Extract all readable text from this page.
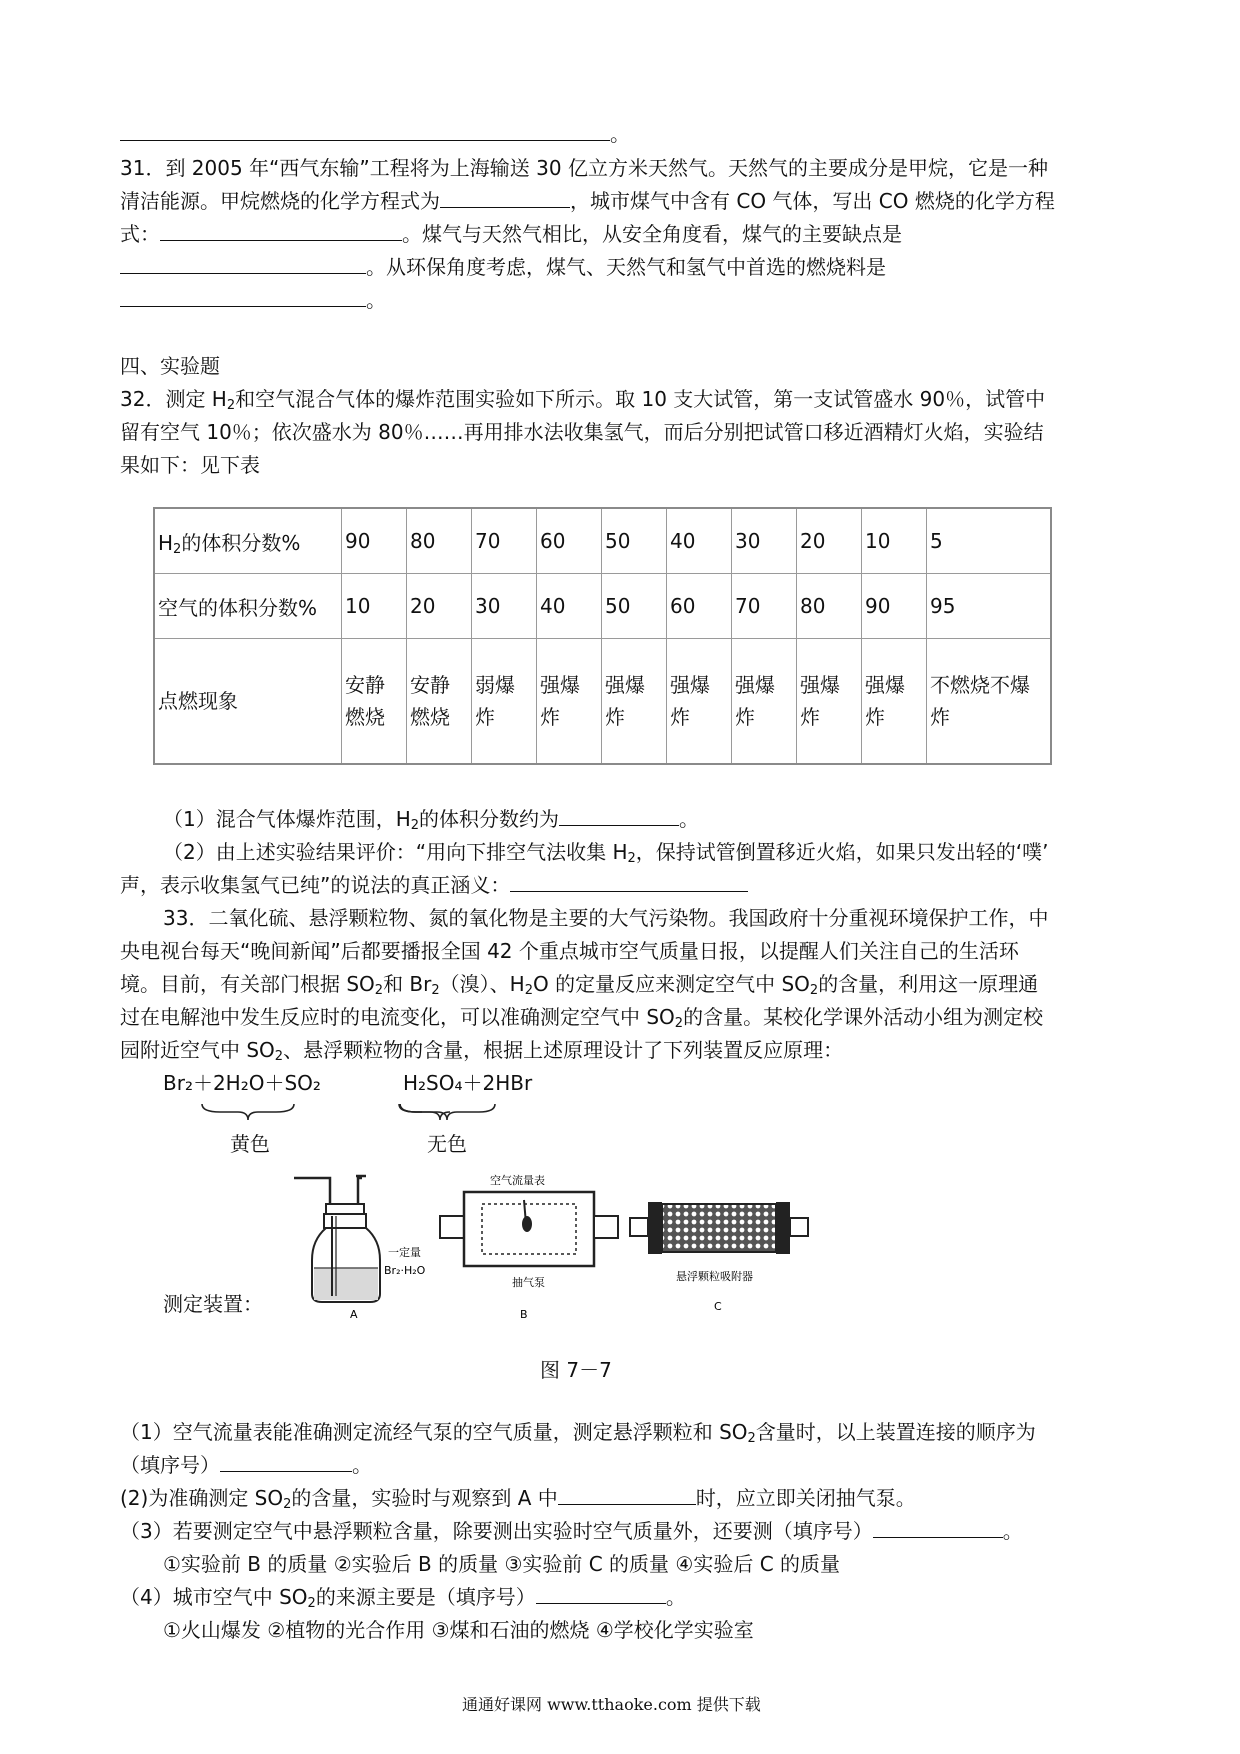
。
31．到 2005 年“西气东输”工程将为上海输送 30 亿立方米天然气。天然气的主要成分是甲烷，它是一种
清洁能源。甲烷燃烧的化学方程式为	，城市煤气中含有 CO 气体，写出 CO 燃烧的化学方程
式：	。煤气与天然气相比，从安全角度看，煤气的主要缺点是
。从环保角度考虑，煤气、天然气和氢气中首选的燃烧料是
。
四、实验题
32．测定 $H_2$和空气混合气体的爆炸范围实验如下所示。取 10 支大试管，第一支试管盛水 90％，试管中
留有空气 10％；依次盛水为 80％……再用排水法收集氢气，而后分别把试管口移近酒精灯火焰，实验结
果如下：见下表
$H_2$的体积分数%	90	80	70	60	50	40	30	20	10	5
空气的体积分数%	10	20	30	40	50	60	70	80	90	95
点燃现象	安静燃烧	安静燃烧	弱爆炸	强爆炸	强爆炸	强爆炸	强爆炸	强爆炸	强爆炸	不燃烧不爆炸
（1）混合气体爆炸范围，$H_2$的体积分数约为	。
（2）由上述实验结果评价：“用向下排空气法收集 $H_2$，保持试管倒置移近火焰，如果只发出轻的‘噗’
声，表示收集氢气已纯”的说法的真正涵义：
33．二氧化硫、悬浮颗粒物、氮的氧化物是主要的大气污染物。我国政府十分重视环境保护工作，中
央电视台每天“晚间新闻”后都要播报全国 42 个重点城市空气质量日报，以提醒人们关注自己的生活环
境。目前，有关部门根据 $SO_2$和 $Br_2$（溴）、$H_2O$ 的定量反应来测定空气中 $SO_2$的含量，利用这一原理通
过在电解池中发生反应时的电流变化，可以准确测定空气中 $SO_2$的含量。某校化学课外活动小组为测定校
园附近空气中 $SO_2$、悬浮颗粒物的含量，根据上述原理设计了下列装置反应原理：
Br₂＋2H₂O＋SO₂	H₂SO₄＋2HBr
黄色	无色
一定量
Br₂·H₂O
A
空气流量表
抽气泵
B
悬浮颗粒吸附器
C
测定装置：
图 7－7
（1）空气流量表能准确测定流经气泵的空气质量，测定悬浮颗粒和 $SO_2$含量时，以上装置连接的顺序为
（填序号）	。
(2)为准确测定 $SO_2$的含量，实验时与观察到 A 中	时，应立即关闭抽气泵。
（3）若要测定空气中悬浮颗粒含量，除要测出实验时空气质量外，还要测（填序号）	。
①实验前 B 的质量 ②实验后 B 的质量 ③实验前 C 的质量 ④实验后 C 的质量
（4）城市空气中 $SO_2$的来源主要是（填序号）	。
①火山爆发 ②植物的光合作用 ③煤和石油的燃烧 ④学校化学实验室
通通好课网 www.tthaoke.com 提供下载
